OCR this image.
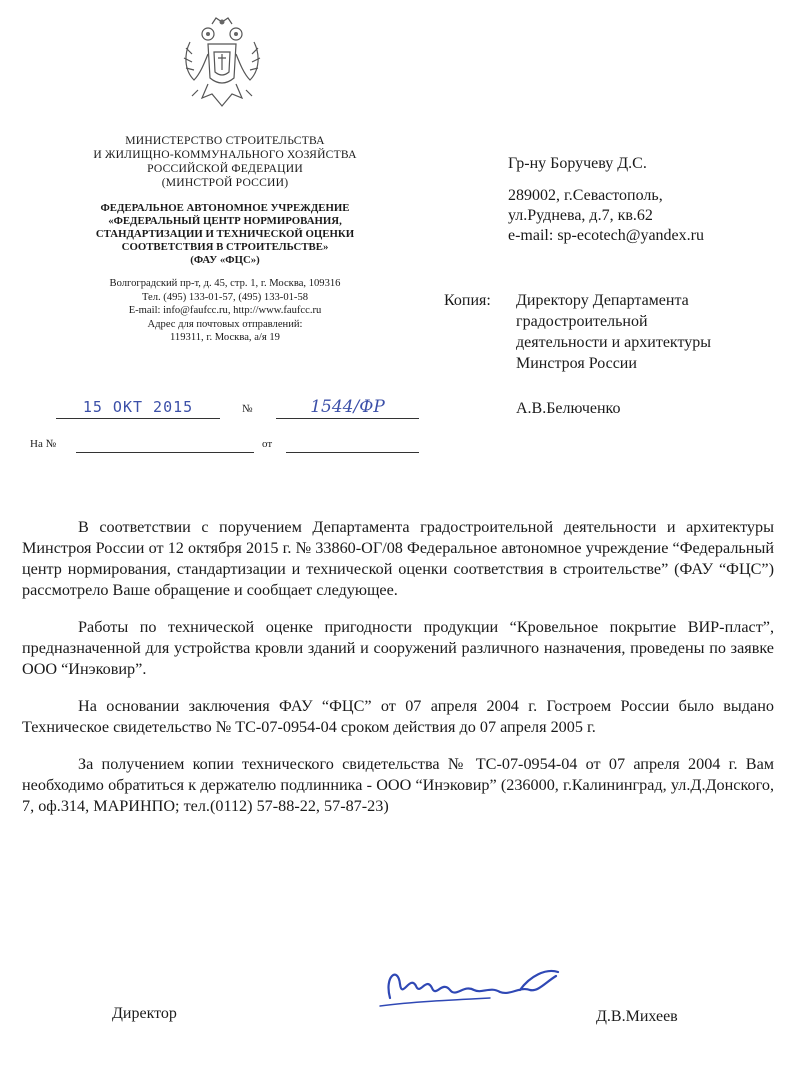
МИНИСТЕРСТВО СТРОИТЕЛЬСТВА
И ЖИЛИЩНО-КОММУНАЛЬНОГО ХОЗЯЙСТВА
РОССИЙСКОЙ ФЕДЕРАЦИИ
(МИНСТРОЙ РОССИИ)
ФЕДЕРАЛЬНОЕ АВТОНОМНОЕ УЧРЕЖДЕНИЕ
«ФЕДЕРАЛЬНЫЙ ЦЕНТР НОРМИРОВАНИЯ,
СТАНДАРТИЗАЦИИ И ТЕХНИЧЕСКОЙ ОЦЕНКИ
СООТВЕТСТВИЯ В СТРОИТЕЛЬСТВЕ»
(ФАУ «ФЦС»)
Волгоградский пр-т, д. 45, стр. 1, г. Москва, 109316
Тел. (495) 133-01-57, (495) 133-01-58
E-mail: info@faufcc.ru, http://www.faufcc.ru
Адрес для почтовых отправлений:
119311, г. Москва, а/я 19
15 ОКТ 2015	№	1544/ФР
На №	от
Гр-ну Боручеву Д.С.
289002, г.Севастополь,
ул.Руднева, д.7, кв.62
e-mail: sp-ecotech@yandex.ru
Копия: Директору Департамента
градостроительной
деятельности и архитектуры
Минстроя России
А.В.Белюченко

В соответствии с поручением Департамента градостроительной деятельности и архитектуры Минстроя России от 12 октября 2015 г. № 33860-ОГ/08 Федеральное автономное учреждение “Федеральный центр нормирования, стандартизации и технической оценки соответствия в строительстве” (ФАУ “ФЦС”) рассмотрело Ваше обращение и сообщает следующее.

Работы по технической оценке пригодности продукции “Кровельное покрытие ВИР-пласт”, предназначенной для устройства кровли зданий и сооружений различного назначения, проведены по заявке ООО “Инэковир”.

На основании заключения ФАУ “ФЦС” от 07 апреля 2004 г. Гостроем России было выдано Техническое свидетельство № ТС-07-0954-04 сроком действия до 07 апреля 2005 г.

За получением копии технического свидетельства № ТС-07-0954-04 от 07 апреля 2004 г. Вам необходимо обратиться к держателю подлинника - ООО “Инэковир” (236000, г.Калининград, ул.Д.Донского, 7, оф.314, МАРИНПО; тел.(0112) 57-88-22, 57-87-23)

Директор	Д.В.Михеев
